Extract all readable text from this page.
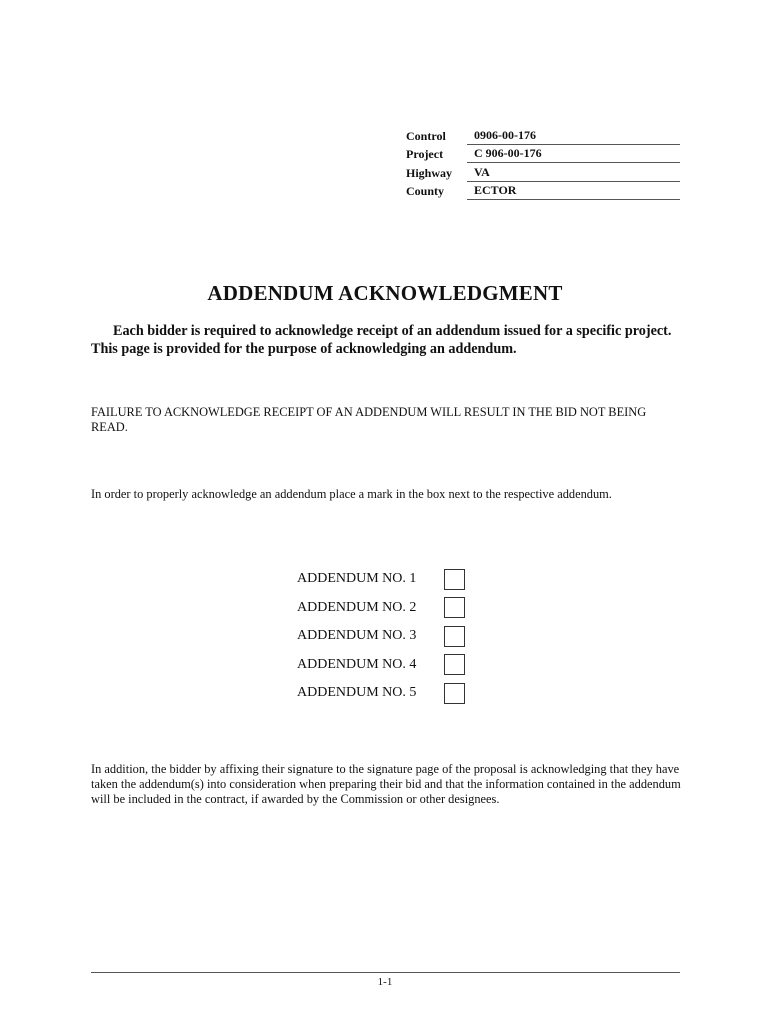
Control	0906-00-176
Project	C 906-00-176
Highway	VA
County	ECTOR
ADDENDUM ACKNOWLEDGMENT
Each bidder is required to acknowledge receipt of an addendum issued for a specific project. This page is provided for the purpose of acknowledging an addendum.
FAILURE TO ACKNOWLEDGE RECEIPT OF AN ADDENDUM WILL RESULT IN THE BID NOT BEING READ.
In order to properly acknowledge an addendum place a mark in the box next to the respective addendum.
ADDENDUM NO. 1
ADDENDUM NO. 2
ADDENDUM NO. 3
ADDENDUM NO. 4
ADDENDUM NO. 5
In addition, the bidder by affixing their signature to the signature page of the proposal is acknowledging that they have taken the addendum(s) into consideration when preparing their bid and that the information contained in the addendum will be included in the contract, if awarded by the Commission or other designees.
1-1
